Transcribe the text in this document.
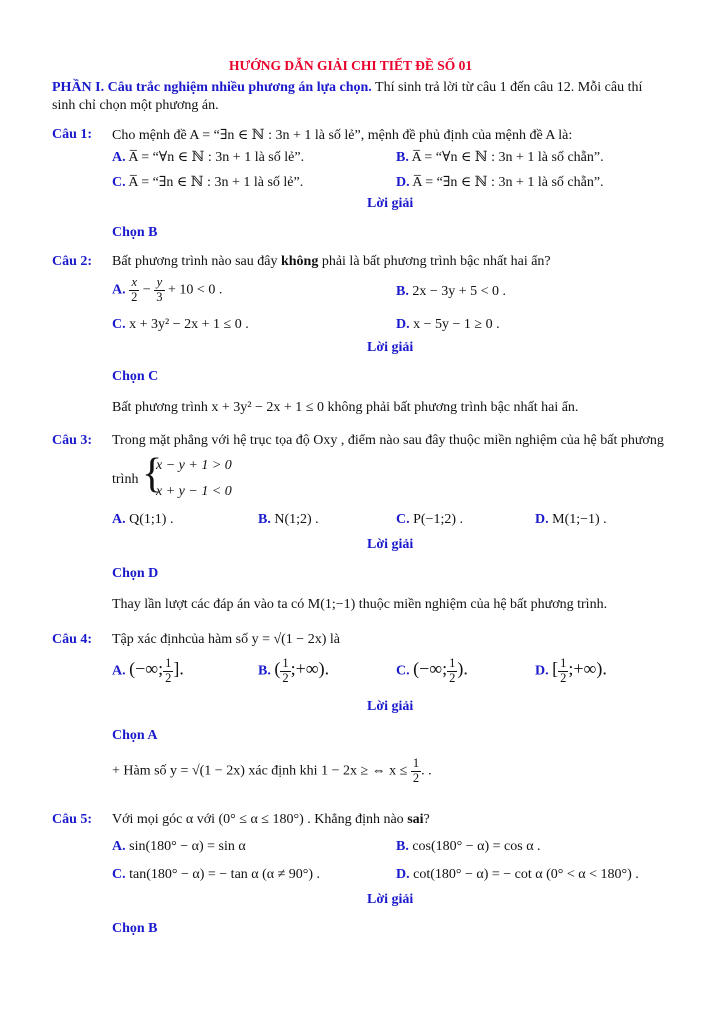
HƯỚNG DẪN GIẢI CHI TIẾT ĐỀ SỐ 01
PHẦN I. Câu trắc nghiệm nhiều phương án lựa chọn. Thí sinh trả lời từ câu 1 đến câu 12. Mỗi câu thí
sinh chỉ chọn một phương án.
Câu 1: Cho mệnh đề A = “∃n ∈ ℕ : 3n + 1 là số lẻ”, mệnh đề phủ định của mệnh đề A là:
A. A̅ = “∀n ∈ ℕ : 3n + 1 là số lẻ”.	B. A̅ = “∀n ∈ ℕ : 3n + 1 là số chẵn”.
C. A̅ = “∃n ∈ ℕ : 3n + 1 là số lẻ”.	D. A̅ = “∃n ∈ ℕ : 3n + 1 là số chẵn”.
Lời giải
Chọn B
Câu 2: Bất phương trình nào sau đây không phải là bất phương trình bậc nhất hai ẩn?
A. $\frac{x}{2} - \frac{y}{3} + 10 < 0$ .	B. 2x − 3y + 5 < 0 .
C. x + 3y² − 2x + 1 ≤ 0 .	D. x − 5y − 1 ≥ 0 .
Lời giải
Chọn C
Bất phương trình x + 3y² − 2x + 1 ≤ 0 không phải bất phương trình bậc nhất hai ẩn.
Câu 3: Trong mặt phẳng với hệ trục tọa độ Oxy , điểm nào sau đây thuộc miền nghiệm của hệ bất phương
trình {
x − y + 1 > 0
x + y − 1 < 0
A. Q(1;1) .	B. N(1;2) .	C. P(−1;2) .	D. M(1;−1) .
Lời giải
Chọn D
Thay lần lượt các đáp án vào ta có M(1;−1) thuộc miền nghiệm của hệ bất phương trình.
Câu 4: Tập xác địnhcủa hàm số y = √(1 − 2x) là
A. (−∞; $\frac{1}{2}$ ].	B. ( $\frac{1}{2}$ ;+∞).	C. (−∞; $\frac{1}{2}$ ).	D. [ $\frac{1}{2}$ ;+∞).
Lời giải
Chọn A
+ Hàm số y = √(1 − 2x) xác định khi 1 − 2x ≥ ⇔ $x \le \frac{1}{2}$ . .
Câu 5: Với mọi góc α với (0° ≤ α ≤ 180°) . Khẳng định nào sai?
A. sin(180° − α) = sin α	B. cos(180° − α) = cos α .
C. tan(180° − α) = − tan α (α ≠ 90°) .	D. cot(180° − α) = − cot α (0° < α < 180°) .
Lời giải
Chọn B
